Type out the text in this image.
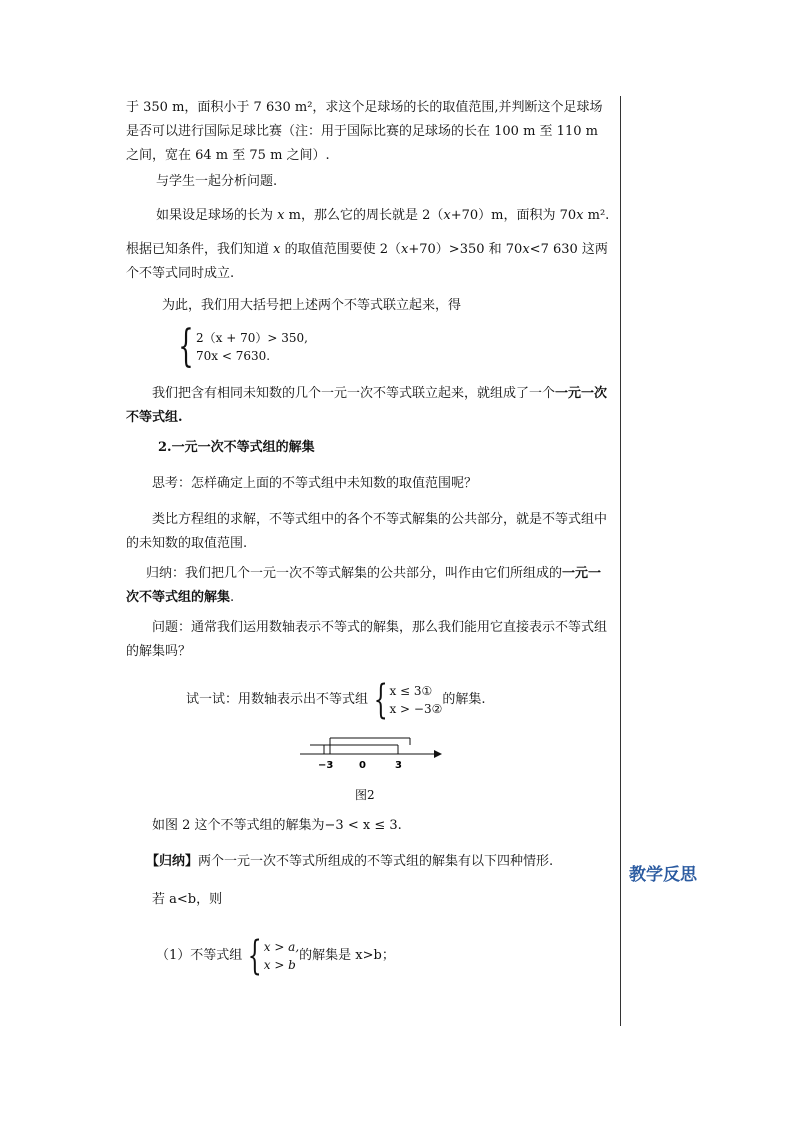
教学反思

于 350 m，面积小于 7 630 m²，求这个足球场的长的取值范围,并判断这个足球场是否可以进行国际足球比赛（注：用于国际比赛的足球场的长在 100 m 至 110 m 之间，宽在 64 m 至 75 m 之间）.

与学生一起分析问题.

如果设足球场的长为 x m，那么它的周长就是 2（x+70）m，面积为 70x m².

根据已知条件，我们知道 x 的取值范围要使 2（x+70）>350 和 70x<7 630 这两个不等式同时成立.

为此，我们用大括号把上述两个不等式联立起来，得

{ 2（x + 70）> 350,
70x < 7630.

我们把含有相同未知数的几个一元一次不等式联立起来，就组成了一个一元一次不等式组.

2.一元一次不等式组的解集

思考：怎样确定上面的不等式组中未知数的取值范围呢？

类比方程组的求解，不等式组中的各个不等式解集的公共部分，就是不等式组中的未知数的取值范围.

归纳：我们把几个一元一次不等式解集的公共部分，叫作由它们所组成的一元一次不等式组的解集.

问题：通常我们运用数轴表示不等式的解集，那么我们能用它直接表示不等式组的解集吗？

试一试：用数轴表示出不等式组 { x ≤ 3①
x > −3②
的解集.
−3	0	3
图2

如图 2 这个不等式组的解集为−3 < x ≤ 3.

【归纳】两个一元一次不等式所组成的不等式组的解集有以下四种情形.

若 a<b，则

（1）不等式组 { x > a,
x > b
的解集是 x>b；
